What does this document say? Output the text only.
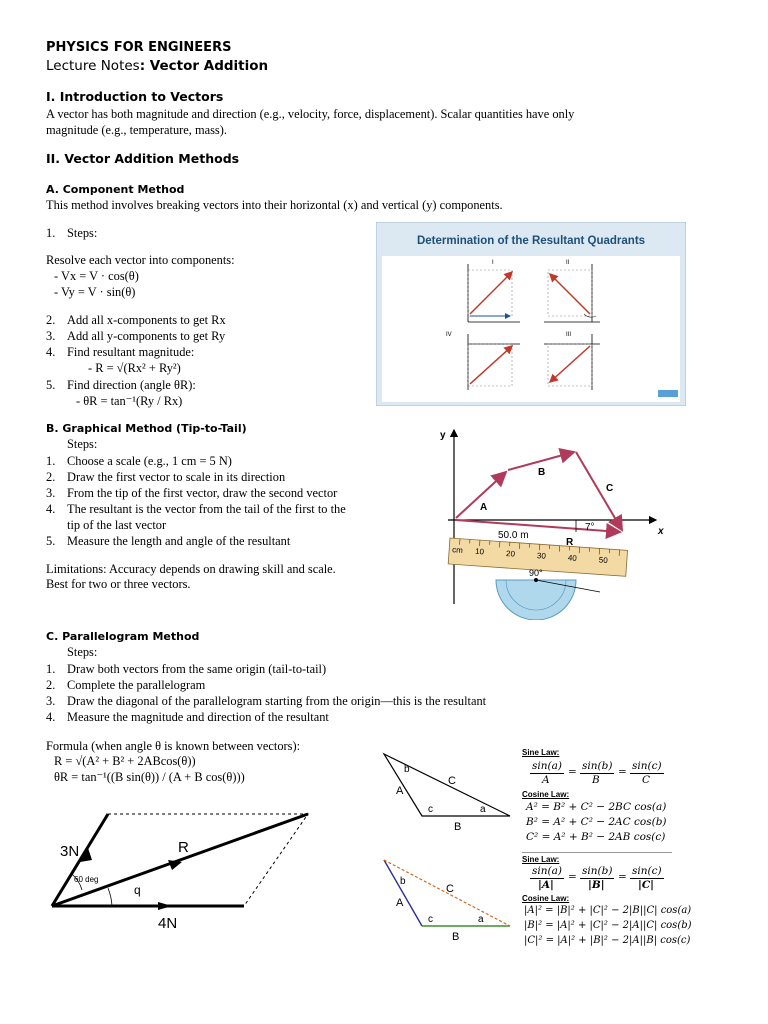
PHYSICS FOR ENGINEERS
Lecture Notes: Vector Addition
I. Introduction to Vectors
A vector has both magnitude and direction (e.g., velocity, force, displacement). Scalar quantities have only
magnitude (e.g., temperature, mass).
II. Vector Addition Methods
A. Component Method
This method involves breaking vectors into their horizontal (x) and vertical (y) components.
1. Steps:
Resolve each vector into components:
- Vx = V · cos(θ)
- Vy = V · sin(θ)
2. Add all x-components to get Rx
3. Add all y-components to get Ry
4. Find resultant magnitude:
- R = √(Rx² + Ry²)
5. Find direction (angle θR):
- θR = tan⁻¹(Ry / Rx)
Determination of the Resultant Quadrants
I	II
IV	III
B. Graphical Method (Tip-to-Tail)
Steps:
1. Choose a scale (e.g., 1 cm = 5 N)
2. Draw the first vector to scale in its direction
3. From the tip of the first vector, draw the second vector
4. The resultant is the vector from the tail of the first to the
tip of the last vector
5. Measure the length and angle of the resultant
Limitations: Accuracy depends on drawing skill and scale.
Best for two or three vectors.
y
x
A
B
C
R
7°
50.0 m
cm 10	20	30	40	50
90°
C. Parallelogram Method
Steps:
1. Draw both vectors from the same origin (tail-to-tail)
2. Complete the parallelogram
3. Draw the diagonal of the parallelogram starting from the origin—this is the resultant
4. Measure the magnitude and direction of the resultant
Formula (when angle θ is known between vectors):
R = √(A² + B² + 2ABcos(θ))
θR = tan⁻¹((B sin(θ)) / (A + B cos(θ)))
3N
4N
R
60 deg
q
b
c	a
A
C
B
b
c	a
A
C
B
Sine Law:
sin(a)
A
= sin(b)
B
= sin(c)
C
Cosine Law:
A² = B² + C² − 2BC cos(a)
B² = A² + C² − 2AC cos(b)
C² = A² + B² − 2AB cos(c)
Sine Law:
sin(a)
|A|
= sin(b)
|B|
= sin(c)
|C|
Cosine Law:
|A|² = |B|² + |C|² − 2|B||C| cos(a)
|B|² = |A|² + |C|² − 2|A||C| cos(b)
|C|² = |A|² + |B|² − 2|A||B| cos(c)
